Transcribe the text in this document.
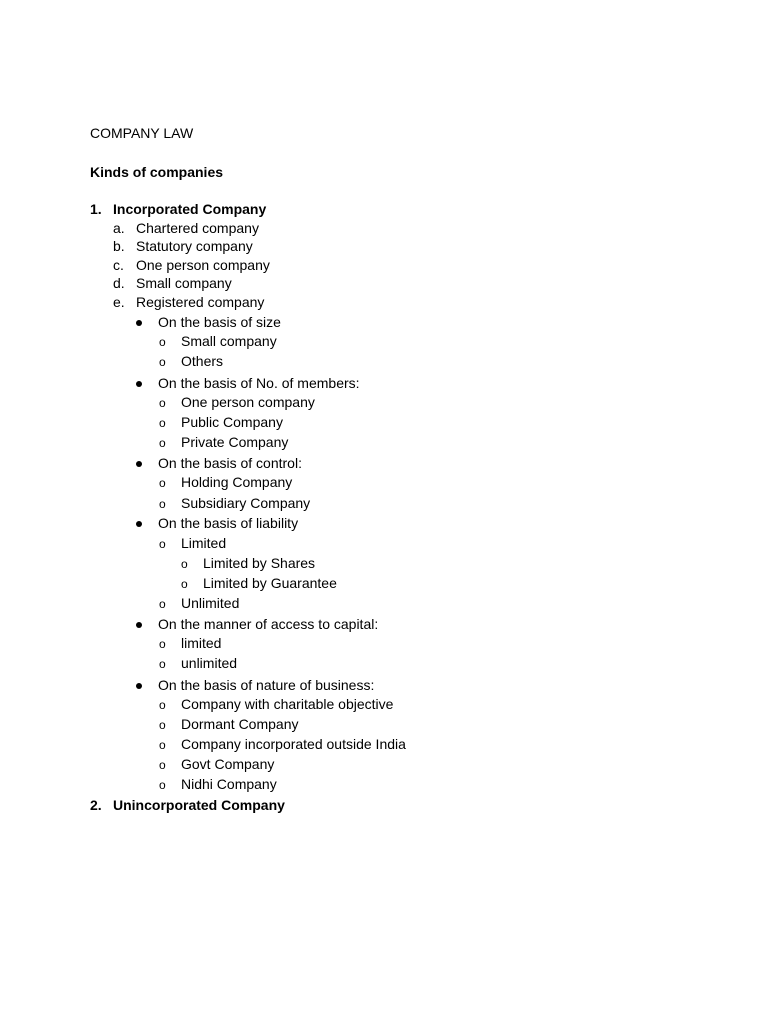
COMPANY LAW
Kinds of companies
1. Incorporated Company
a. Chartered company
b. Statutory company
c. One person company
d. Small company
e. Registered company
On the basis of size
o Small company
o Others
On the basis of No. of members:
o One person company
o Public Company
o Private Company
On the basis of control:
o Holding Company
o Subsidiary Company
On the basis of liability
o Limited
o Limited by Shares
o Limited by Guarantee
o Unlimited
On the manner of access to capital:
o limited
o unlimited
On the basis of nature of business:
o Company with charitable objective
o Dormant Company
o Company incorporated outside India
o Govt Company
o Nidhi Company
2. Unincorporated Company
